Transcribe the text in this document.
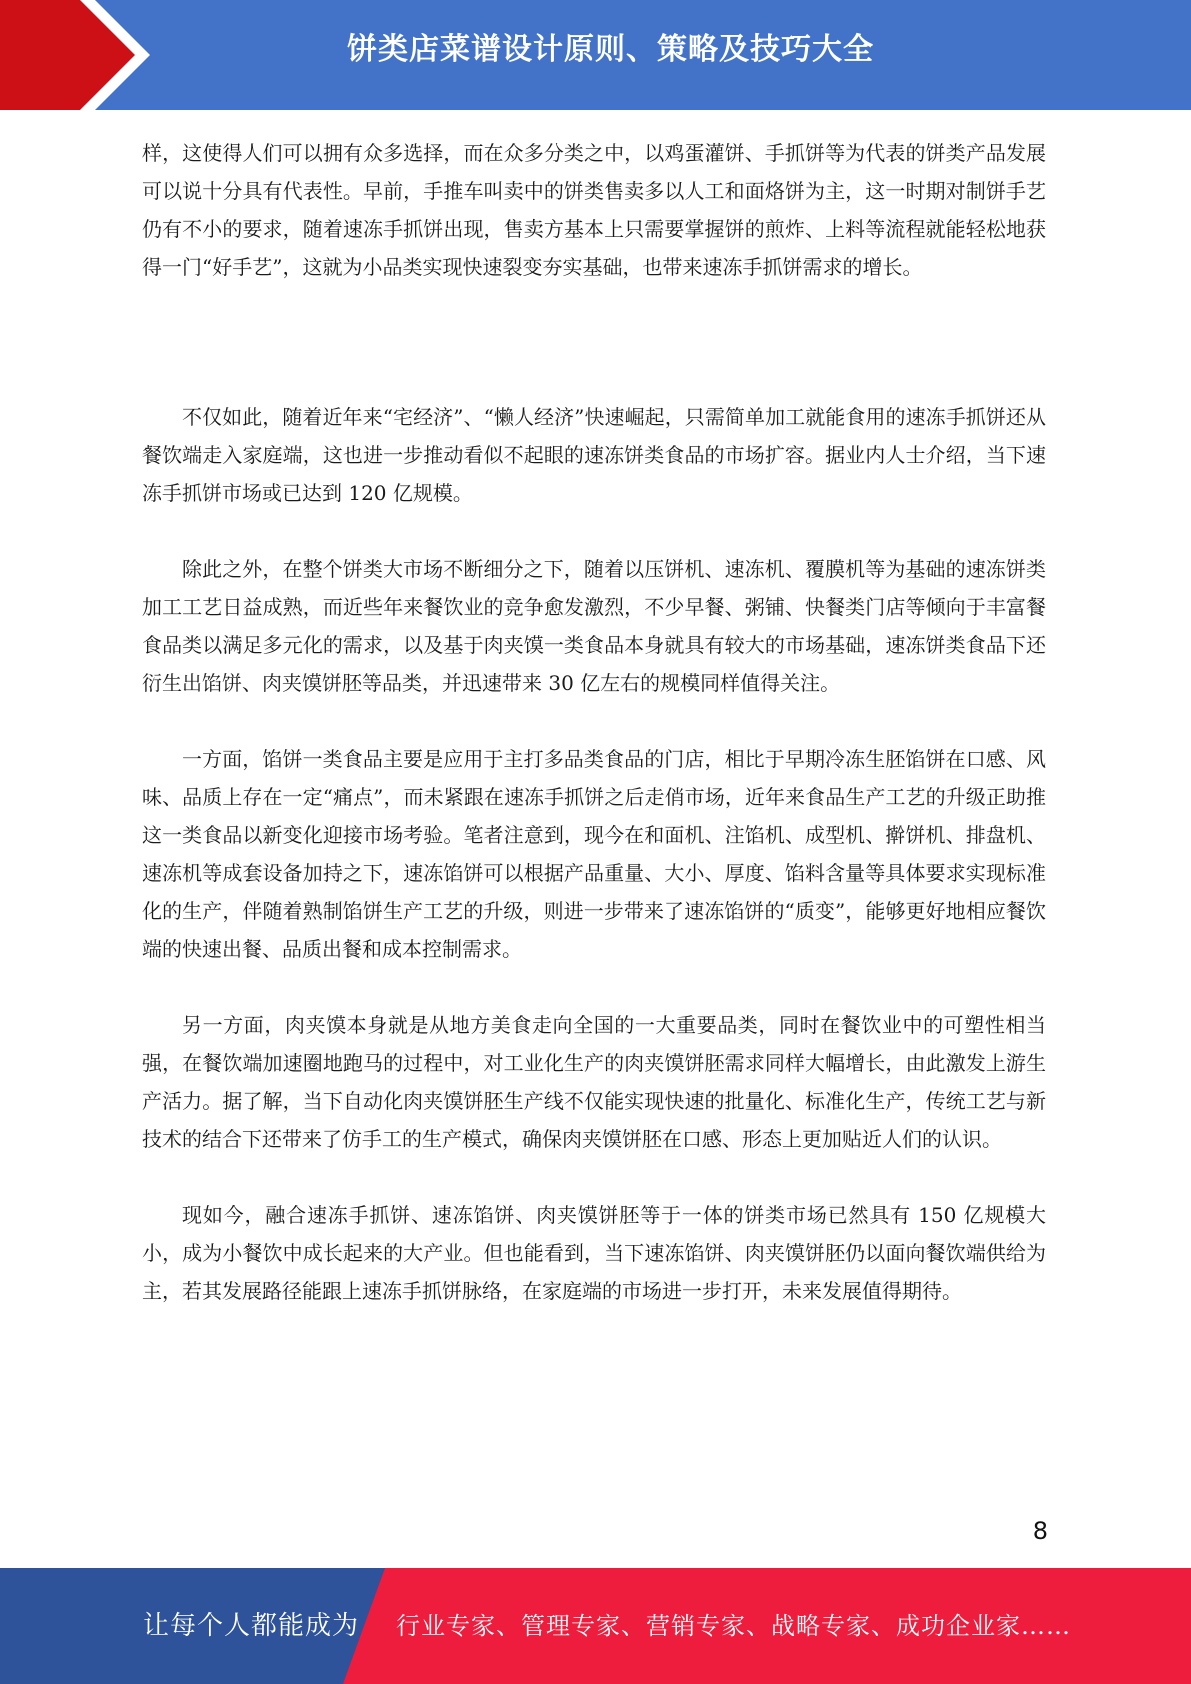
饼类店菜谱设计原则、策略及技巧大全

样，这使得人们可以拥有众多选择，而在众多分类之中，以鸡蛋灌饼、手抓饼等为代表的饼类产品发展可以说十分具有代表性。早前，手推车叫卖中的饼类售卖多以人工和面烙饼为主，这一时期对制饼手艺仍有不小的要求，随着速冻手抓饼出现，售卖方基本上只需要掌握饼的煎炸、上料等流程就能轻松地获得一门“好手艺”，这就为小品类实现快速裂变夯实基础，也带来速冻手抓饼需求的增长。

不仅如此，随着近年来“宅经济”、“懒人经济”快速崛起，只需简单加工就能食用的速冻手抓饼还从餐饮端走入家庭端，这也进一步推动看似不起眼的速冻饼类食品的市场扩容。据业内人士介绍，当下速冻手抓饼市场或已达到 120 亿规模。

除此之外，在整个饼类大市场不断细分之下，随着以压饼机、速冻机、覆膜机等为基础的速冻饼类加工工艺日益成熟，而近些年来餐饮业的竞争愈发激烈，不少早餐、粥铺、快餐类门店等倾向于丰富餐食品类以满足多元化的需求，以及基于肉夹馍一类食品本身就具有较大的市场基础，速冻饼类食品下还衍生出馅饼、肉夹馍饼胚等品类，并迅速带来 30 亿左右的规模同样值得关注。

一方面，馅饼一类食品主要是应用于主打多品类食品的门店，相比于早期冷冻生胚馅饼在口感、风味、品质上存在一定“痛点”，而未紧跟在速冻手抓饼之后走俏市场，近年来食品生产工艺的升级正助推这一类食品以新变化迎接市场考验。笔者注意到，现今在和面机、注馅机、成型机、擀饼机、排盘机、速冻机等成套设备加持之下，速冻馅饼可以根据产品重量、大小、厚度、馅料含量等具体要求实现标准化的生产，伴随着熟制馅饼生产工艺的升级，则进一步带来了速冻馅饼的“质变”，能够更好地相应餐饮端的快速出餐、品质出餐和成本控制需求。

另一方面，肉夹馍本身就是从地方美食走向全国的一大重要品类，同时在餐饮业中的可塑性相当强，在餐饮端加速圈地跑马的过程中，对工业化生产的肉夹馍饼胚需求同样大幅增长，由此激发上游生产活力。据了解，当下自动化肉夹馍饼胚生产线不仅能实现快速的批量化、标准化生产，传统工艺与新技术的结合下还带来了仿手工的生产模式，确保肉夹馍饼胚在口感、形态上更加贴近人们的认识。

现如今，融合速冻手抓饼、速冻馅饼、肉夹馍饼胚等于一体的饼类市场已然具有 150 亿规模大小，成为小餐饮中成长起来的大产业。但也能看到，当下速冻馅饼、肉夹馍饼胚仍以面向餐饮端供给为主，若其发展路径能跟上速冻手抓饼脉络，在家庭端的市场进一步打开，未来发展值得期待。

8
让每个人都能成为 行业专家、管理专家、营销专家、战略专家、成功企业家……
